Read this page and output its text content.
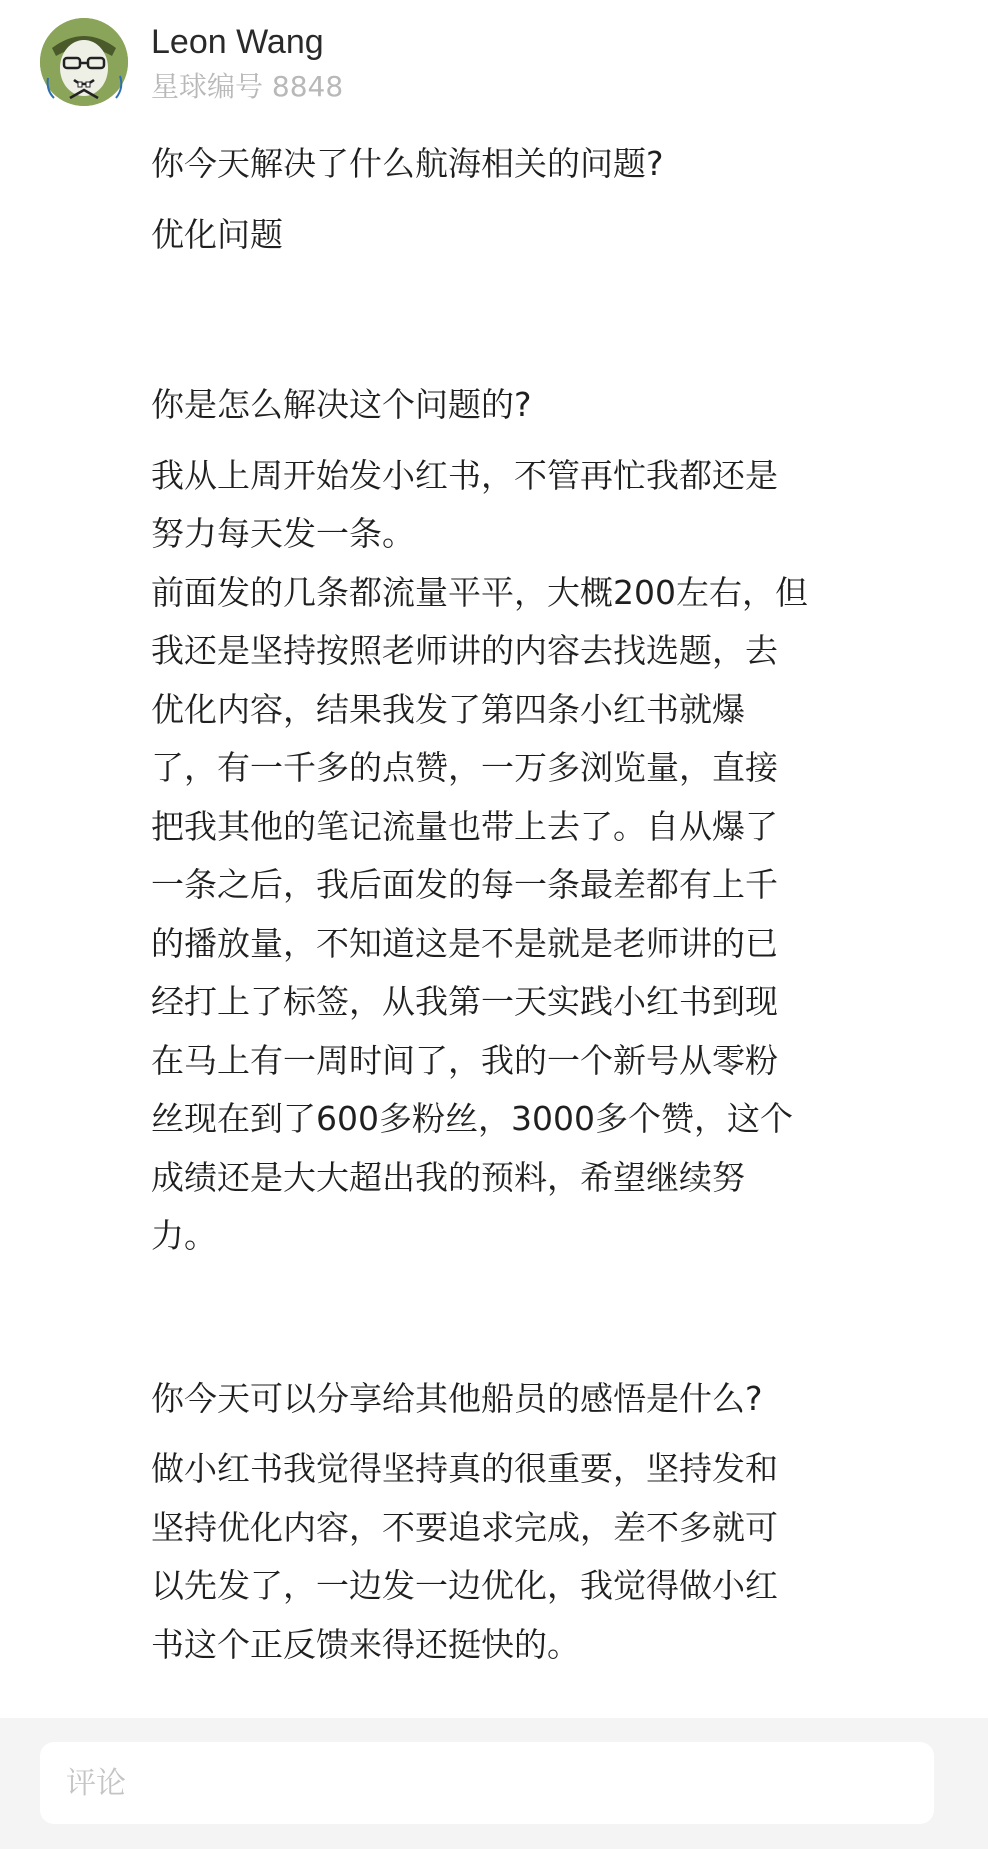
Leon Wang
星球编号 8848

你今天解决了什么航海相关的问题?

优化问题

你是怎么解决这个问题的?

我从上周开始发小红书，不管再忙我都还是
努力每天发一条。
前面发的几条都流量平平，大概200左右，但
我还是坚持按照老师讲的内容去找选题，去
优化内容，结果我发了第四条小红书就爆
了，有一千多的点赞，一万多浏览量，直接
把我其他的笔记流量也带上去了。自从爆了
一条之后，我后面发的每一条最差都有上千
的播放量，不知道这是不是就是老师讲的已
经打上了标签，从我第一天实践小红书到现
在马上有一周时间了，我的一个新号从零粉
丝现在到了600多粉丝，3000多个赞，这个
成绩还是大大超出我的预料，希望继续努
力。

你今天可以分享给其他船员的感悟是什么?

做小红书我觉得坚持真的很重要，坚持发和
坚持优化内容，不要追求完成，差不多就可
以先发了，一边发一边优化，我觉得做小红
书这个正反馈来得还挺快的。

评论
